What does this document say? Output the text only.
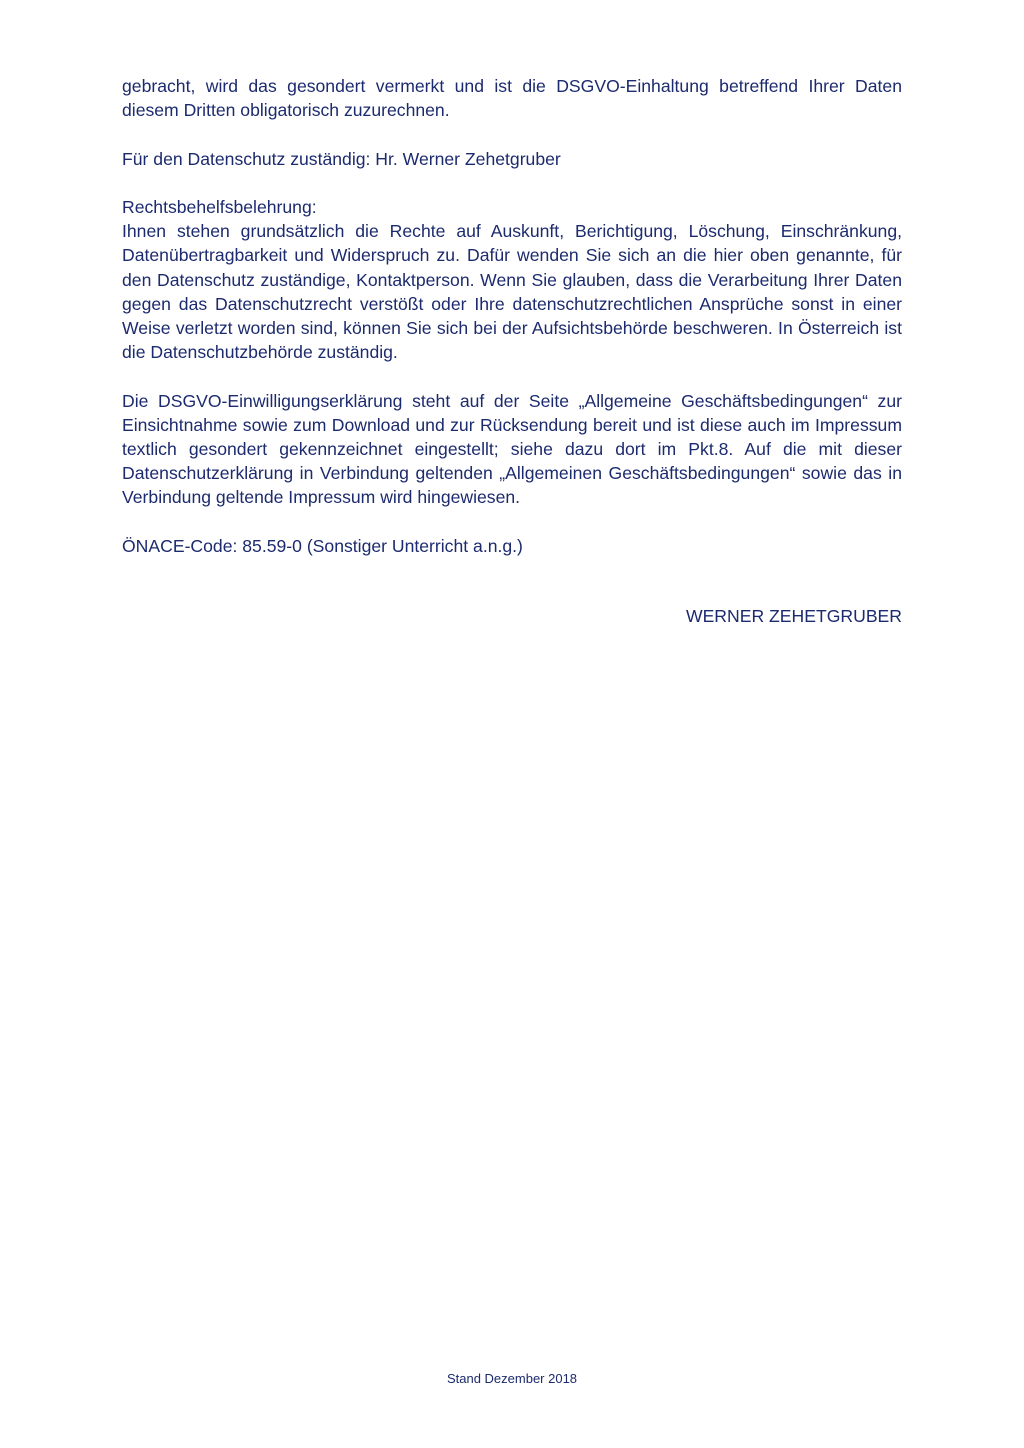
gebracht, wird das gesondert vermerkt und ist die DSGVO-Einhaltung betreffend Ihrer Daten diesem Dritten obligatorisch zuzurechnen.

Für den Datenschutz zuständig: Hr. Werner Zehetgruber

Rechtsbehelfsbelehrung:
Ihnen stehen grundsätzlich die Rechte auf Auskunft, Berichtigung, Löschung, Einschränkung, Datenübertragbarkeit und Widerspruch zu. Dafür wenden Sie sich an die hier oben genannte, für den Datenschutz zuständige, Kontaktperson. Wenn Sie glauben, dass die Verarbeitung Ihrer Daten gegen das Datenschutzrecht verstößt oder Ihre datenschutzrechtlichen Ansprüche sonst in einer Weise verletzt worden sind, können Sie sich bei der Aufsichtsbehörde beschweren. In Österreich ist die Datenschutzbehörde zuständig.

Die DSGVO-Einwilligungserklärung steht auf der Seite „Allgemeine Geschäftsbedingungen“ zur Einsichtnahme sowie zum Download und zur Rücksendung bereit und ist diese auch im Impressum textlich gesondert gekennzeichnet eingestellt; siehe dazu dort im Pkt.8. Auf die mit dieser Datenschutzerklärung in Verbindung geltenden „Allgemeinen Geschäftsbedingungen“ sowie das in Verbindung geltende Impressum wird hingewiesen.

ÖNACE-Code: 85.59-0 (Sonstiger Unterricht a.n.g.)

WERNER ZEHETGRUBER
Stand Dezember 2018
